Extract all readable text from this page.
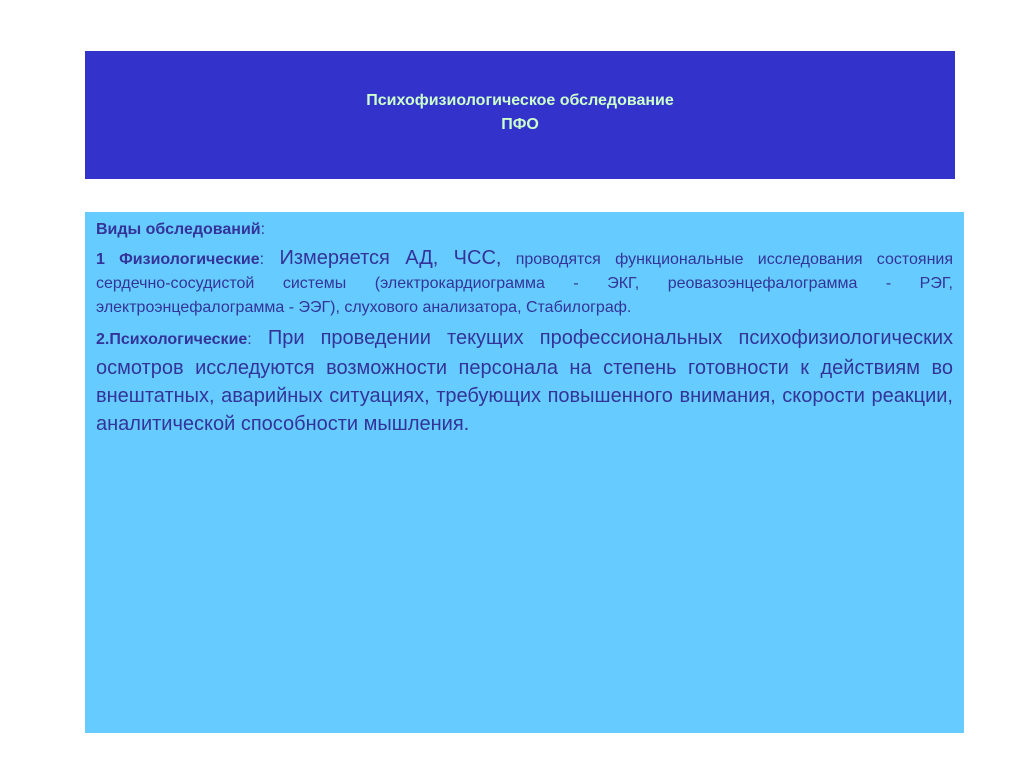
Психофизиологическое обследование
ПФО

Виды обследований:

1 Физиологические: Измеряется АД, ЧСС, проводятся функциональные исследования состояния сердечно-сосудистой системы (электрокардиограмма - ЭКГ, реовазоэнцефалограмма - РЭГ, электроэнцефалограмма - ЭЭГ), слухового анализатора, Стабилограф.

2.Психологические: При проведении текущих профессиональных психофизиологических осмотров исследуются возможности персонала на степень готовности к действиям во внештатных, аварийных ситуациях, требующих повышенного внимания, скорости реакции, аналитической способности мышления.
